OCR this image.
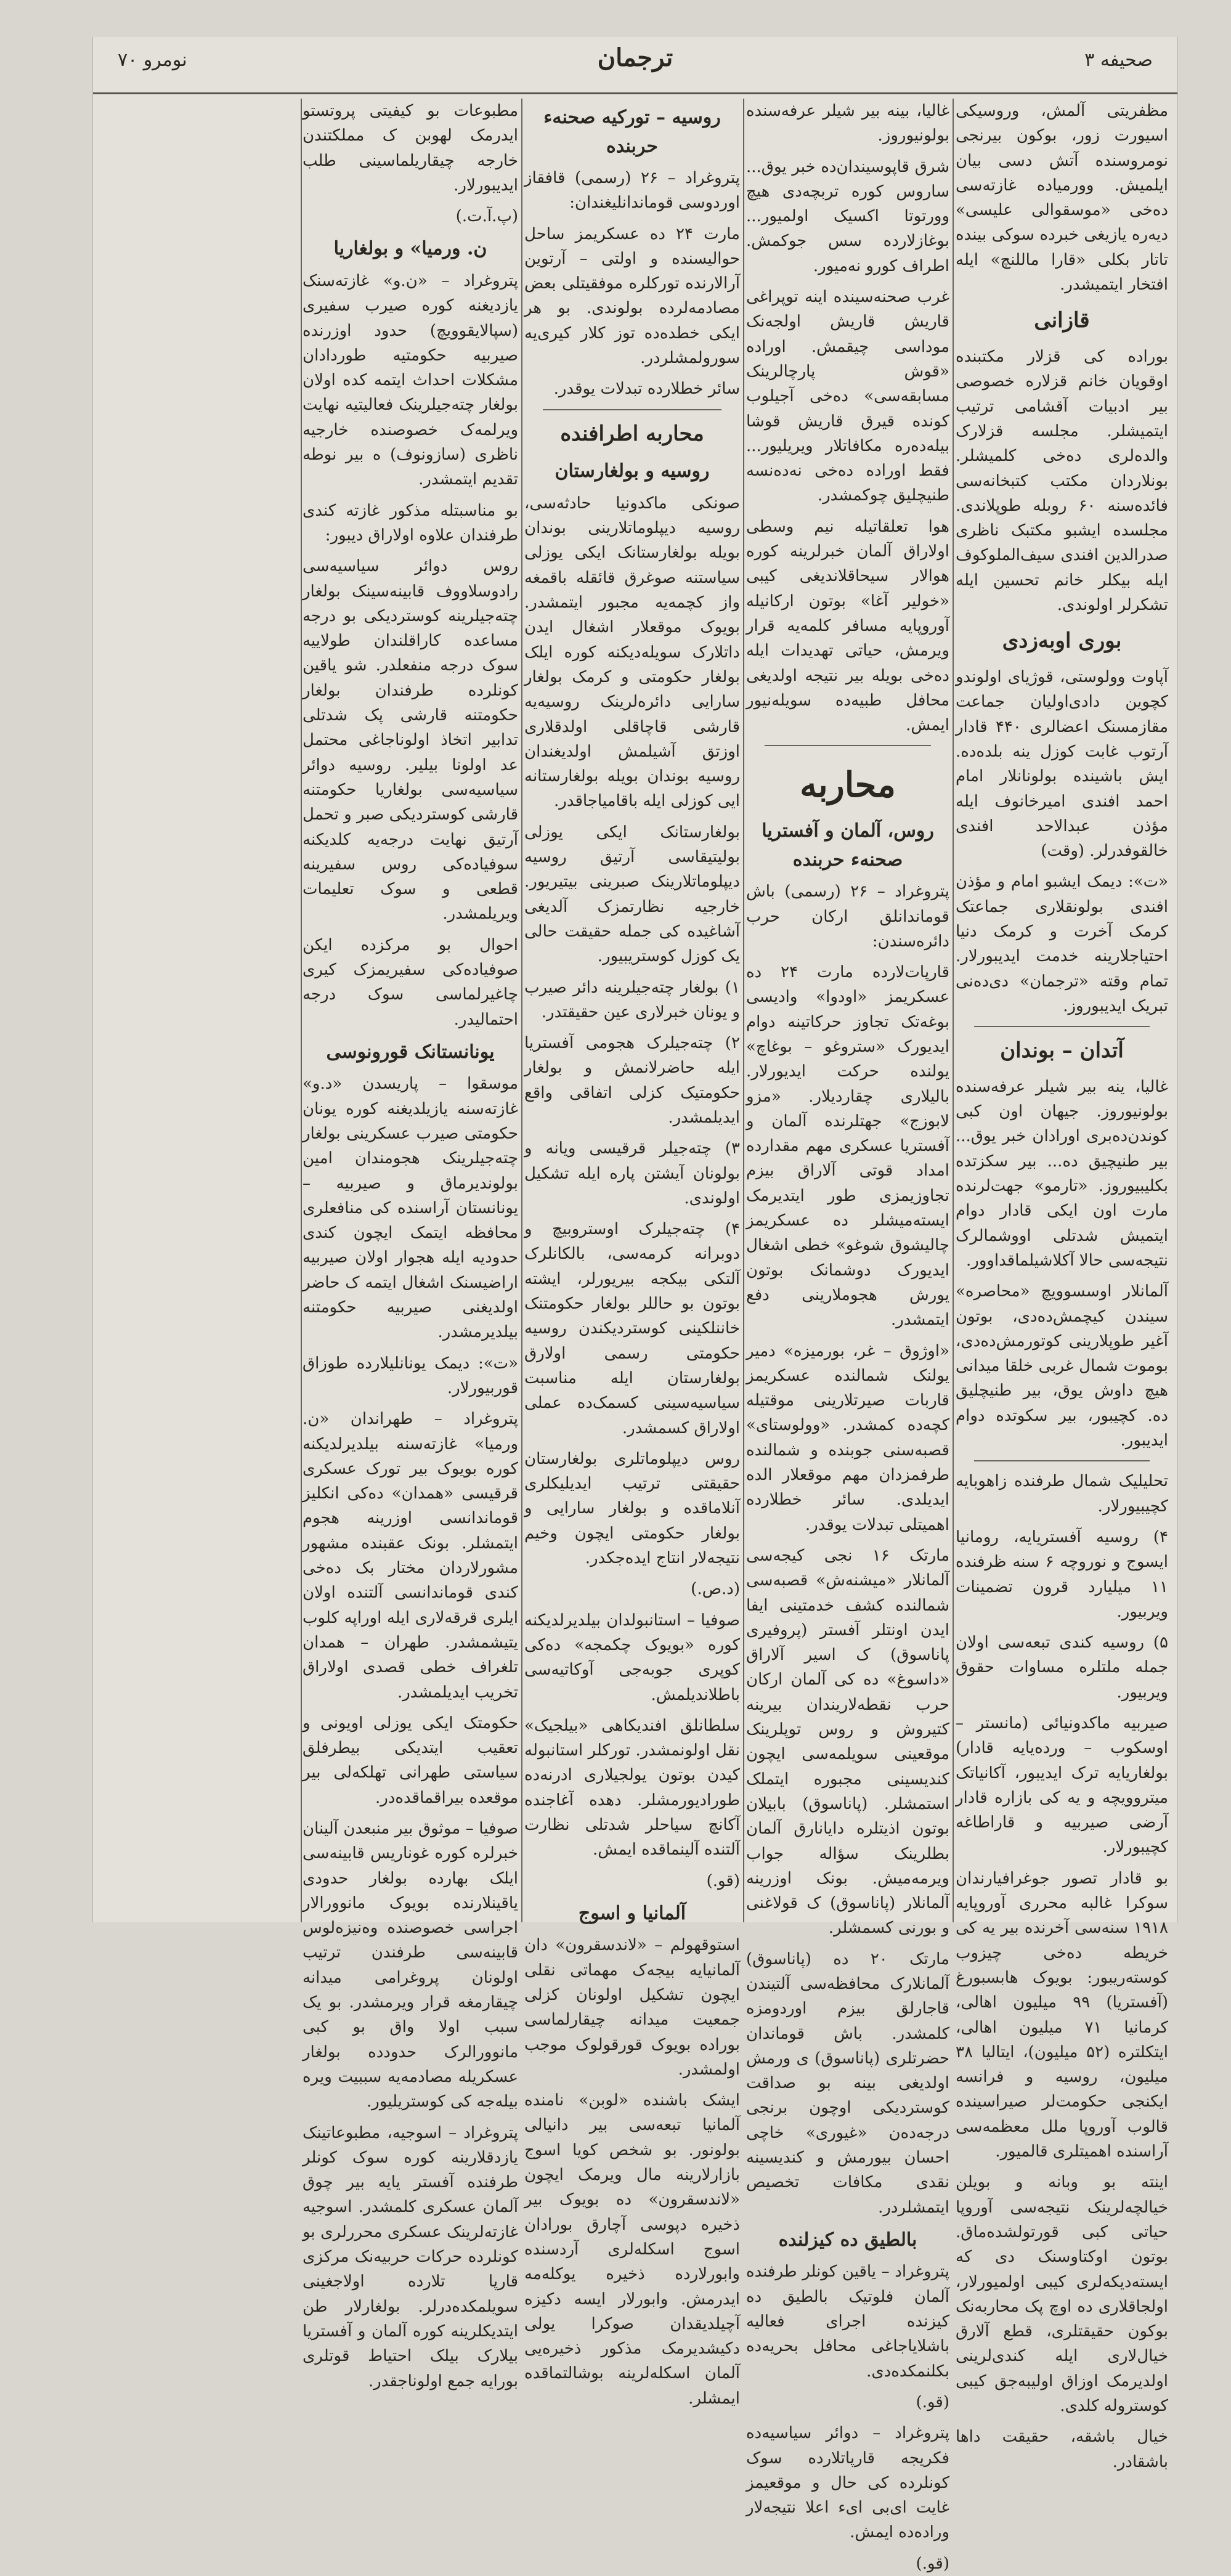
نومرو ۷۰	ترجمان	صحیفه ۳

مظفریتی آلمش، وروسیکی اسیورت زور، بوکون بیرنجی نومروسنده آتش دسی بیان ایلمیش. وورمیاده غازته‌سی ده‌خی «موسقوالی علیسی» دیه‌ره یازیغی خبرده سوکی بینده تاتار بکلی «قارا ماللنچ» ایله افتخار ایتمیشدر.

قازانی

بوراده کی قزلار مکتبنده اوقویان خانم قزلاره خصوصی بیر ادبیات آقشامی ترتیب ایتمیشلر. مجلسه قزلارک والده‌لری ده‌خی کلمیشلر. بونلاردان مکتب کتبخانه‌سی فائده‌سنه ۶۰ روبله طوپلاندی. مجلسده ایشبو مکتبک ناظری صدرالدین افندی سیف‌الملوکوف ایله بیکلر خانم تحسین ایله تشکرلر اولوندی.

بوری اوبه‌زدی

آپاوت وولوستی، قوژیای اولوندو کچوین دادی‌اولیان جماعت مقازمسنک اعضالری ۴۴۰ قادار آرتوب غابت کوزل ینه بلده‌ده. ایش باشینده بولونانلار امام احمد افندی امیرخانوف ایله مؤذن عبدالاحد افندی خالقوفدرلر. (وقت)

«ت»: دیمک ایشبو امام و مؤذن افندی بولونقلاری جماعتک کرمک آخرت و کرمک دنیا احتیاجلارینه خدمت ایدیبورلار. تمام وقته «ترجمان» دی‌ده‌نی تبریک ایدیبوروز.

آتدان – بوندان

غالیا، ینه بیر شیلر عرفه‌سنده بولونیوروز. جیهان اون کبی کوندن‌ده‌بری اورادان خبر یوق... بیر طنیچیق ده... بیر سکزتده بکلیبیوروز. «تارمو» جهت‌لرنده مارت اون ایکی قادار دوام ایتمیش شدتلی اووشمالرک نتیجه‌سی حالا آکلاشیلماقداوور.

آلمانلار اوسسوویچ «محاصره» سیندن کیچمش‌ده‌دی، بوتون آغیر طوپلارینی کوتورمش‌ده‌دی، بوموت شمال غربی خلقا میدانی هیچ داوش یوق، بیر طنیچلیق ده. کچیبور، بیر سکوتده دوام ایدیبور.

تحلیلیک شمال طرفنده زاهوبایه کچیبیورلار.

۴) روسیه آفستریایه، رومانیا ایسوج و نوروچه ۶ سنه ظرفنده ۱۱ میلیارد قرون تضمینات ویربیور.

۵) روسیه کندی تبعه‌سی اولان جمله ملتلره مساوات حقوق ویربیور.

صیربیه ماکدونیائی (مانستر – اوسکوب – ورده‌یایه قادار) بولغاریایه ترک ایدیبور، آکانیاتک میتروویچه و یه کی بازاره قادار آرضی صیربیه و قاراطاغه کچیبورلار.

بو قادار تصور جوغرافیارندان سوکرا غالبه محرری آوروپایه ۱۹۱۸ سنه‌سی آخرنده بیر یه کی خریطه ده‌خی چیزوب کوسته‌ریبور: بویوک هابسبورغ (آفستریا) ۹۹ میلیون اهالی، کرمانیا ۷۱ میلیون اهالی، ایتکلتره (۵۲ میلیون)، ایتالیا ۳۸ میلیون، روسیه و فرانسه ایکنجی حکومت‌لر صیراسینده قالوب آوروپا ملل معظمه‌سی آراسنده اهمیتلری قالمیور.

اینته بو وبانه و بویلن خیالچه‌لرینک نتیجه‌سی آوروپا حیاتی کبی قورتولشده‌ماق. بوتون اوکتاوسنک دی که ایسته‌دیکه‌لری کیبی اولمیورلار، اولجاقلاری ده اوچ پک محاربه‌نک بوکون حقیقتلری، قطع آلارق خیال‌لاری ایله کندی‌لرینی اولدیرمک اوزاق اولیبه‌جق کیبی کوستروله کلدی.

خیال باشقه، حقیقت داها باشقادر.

غالیا، بینه بیر شیلر عرفه‌سنده بولونیوروز.

شرق قاپوسیندان‌ده خبر یوق... ساروس کوره تربچه‌دی هیچ وورتوتا اکسیک اولمیور... بوغازلارده سس جوکمش. اطراف کورو نه‌میور.

غرب صحنه‌سینده اینه توپراغی قاریش قاریش اولجه‌نک موداسی چیقمش. اوراده «قوش پارچالرینک مسابقه‌سی» ده‌خی آجیلوب کونده قیرق قاریش قوشا بیله‌ده‌ره مکافاتلار ویریلیور... فقط اوراده ده‌خی نه‌ده‌نسه طنیچلیق چوکمشدر.

هوا تعلقاتیله نیم وسطی اولاراق آلمان خبرلرینه کوره هوالار سیحاقلاندیغی کیبی «خولیر آغا» بوتون ارکانیله آوروپایه مسافر کلمه‌یه قرار ویرمش، حیاتی تهدیدات ایله ده‌خی بویله بیر نتیجه اولدیغی محافل طبیه‌ده سویله‌نیور ایمش.

محاربه
روس، آلمان و آفستریا صحنه‌ء حربنده

پتروغراد – ۲۶ (رسمی) باش قوماندانلق ارکان حرب دائره‌سندن:

قارپات‌لارده مارت ۲۴ ده عسکریمز «اودوا» وادیسی بوغه‌تک تجاوز حرکاتینه دوام ایدیورک «ستروغو – بوغاچ» یولنده حرکت ایدیورلار. بالیلاری چقاردیلار. «مزو لابوزج» جهتلرنده آلمان و آفستریا عسکری مهم مقدارده امداد قوتی آلاراق بیزم تجاوزیمزی طور ایتدیرمک ایسته‌میشلر ده عسکریمز چالیشوق شوغو» خطی اشغال ایدیورک دوشمانک بوتون یورش هجوملارینی دفع ایتمشدر.

«اوژوق – غر، بورمیزه» دمیر یولنک شمالنده عسکریمز قاربات صیرتلارینی موقتیله کچه‌ده کمشدر. «وولوستای» قصبه‌سنی جوبنده و شمالنده طرفمزدان مهم موقعلار الده ایدیلدی. سائر خطلارده اهمیتلی تبدلات یوقدر.

مارتک ۱۶ نجی کیجه‌سی آلمانلار «میشنه‌ش» قصبه‌سی شمالنده کشف خدمتینی ایفا ایدن اونتلر آفستر (پروفیری پاناسوق) ک اسیر آلاراق «داسوغ» ده کی آلمان ارکان حرب نقطه‌لاریندان بیرینه کتیروش و روس توپلرینک موقعینی سویلمه‌سی ایچون کندیسینی مجبوره ایتملک استمشلر. (پاناسوق) بابیلان بوتون اذیتلره دایانارق آلمان بطلرینک سؤاله جواب ویرمه‌میش. بونک اوزرینه آلمانلار (پاناسوق) ک قولاغنی و بورنی کسمشلر.

مارتک ۲۰ ده (پاناسوق) آلمانلارک محافظه‌سی آلتیندن قاجارلق بیزم اوردومزه کلمشدر. باش قوماندان حضرتلری (پاناسوق) ی ورمش اولدیغی بینه بو صداقت کوستردیکی اوچون برنجی درجه‌ده‌ن «غیوری» خاچی احسان بیورمش و کندیسینه نقدی مکافات تخصیص ایتمشلردر.

بالطیق ده کیزلنده

پتروغراد – یاقین کونلر طرفنده آلمان فلوتیک بالطیق ده کیزنده اجرای فعالیه باشلایاجاغی محافل بحریه‌ده بکلنمکده‌دی.

(قو.)

پتروغراد – دوائر سیاسیه‌ده فکریجه قارپاتلارده سوک کونلرده کی حال و موقعیمز غایت ای‌بی ای‌ء اعلا نتیجه‌لار وراده‌ده ایمش.

(قو.)

روسیه – تورکیه صحنه‌ء حربنده

پتروغراد – ۲۶ (رسمی) قافقاز اوردوسی قوماندانلیغندان:

مارت ۲۴ ده عسکریمز ساحل حوالیسنده و اولتی – آرتوین آرالارنده تورکلره موفقیتلی بعض مصادمه‌لرده بولوندی. بو هر ایکی خطده‌ده توز کلار کیری‌یه سورولمشلردر.

سائر خطلارده تبدلات یوقدر.

محاربه اطرافنده
روسیه و بولغارستان

صونکی ماکدونیا حادثه‌سی، روسیه دیپلوماتلارینی بوندان بویله بولغارستانک ایکی یوزلی سیاستنه صوغرق قائقله باقمغه واز کچمه‌یه مجبور ایتمشدر. بویوک موقعلار اشغال ایدن داتلارک سویله‌دیکنه کوره ایلک بولغار حکومتی و کرمک بولغار سارایی دائره‌لرینک روسیه‌یه قارشی قاچاقلی اولدقلاری اوزتق آشیلمش اولدیغندان روسیه بوندان بویله بولغارستانه ایی کوزلی ایله باقامیاجاقدر.

بولغارستانک ایکی یوزلی بولیتیقاسی آرتیق روسیه دیپلوماتلارینک صبرینی بیتیریور. خارجیه نظارتمزک آلدیغی آشاغیده کی جمله حقیقت حالی یک کوزل کوستریبیور.

۱) بولغار چته‌جیلرینه دائر صیرب و یونان خبرلاری عین حقیقتدر.

۲) چته‌جیلرک هجومی آفستریا ایله حاضرلانمش و بولغار حکومتیک کزلی اتفاقی واقع ایدیلمشدر.

۳) چته‌جیلر قرقیسی ویانه و بولونان آیشتن پاره ایله تشکیل اولوندی.

۴) چته‌جیلرک اوستروبیچ و دوبرانه کرمه‌سی، بالکانلرک آلتکی بیکجه بیریورلر، ایشته بوتون بو حاللر بولغار حکومتنک خاننلکینی کوستردیکندن روسیه حکومتی رسمی اولارق بولغارستان ایله مناسبت سیاسیه‌سینی کسمک‌ده عملی اولاراق کسمشدر.

روس دیپلوماتلری بولغارستان حقیقتی ترتیب ایدیلیکلری آنلاماقده و بولغار سارایی و بولغار حکومتی ایچون وخیم نتیجه‌لار انتاج ایده‌جکدر.

(د.ص.)

صوفیا – استانبولدان بیلدیرلدیکنه کوره «بویوک چکمجه» ده‌کی کوپری جوبه‌جی آوکاتیه‌سی باطلاندیلمش.

سلطانلق افندیکاهی «بیلجیک» نقل اولونمشدر. تورکلر استانبوله کیدن بوتون یولجیلاری ادرنه‌ده طورادیورمشلر. دهده آغاجنده آکانچ سیاحلر شدتلی نظارت آلتنده آلینماقده ایمش.

(قو.)

آلمانیا و اسوج

استوقهولم – «لاندسقرون» دان آلمانیایه بیجه‌ک مهماتی نقلی ایچون تشکیل اولونان کزلی جمعیت میدانه چیقارلماسی بوراده بویوک قورقولوک موجب اولمشدر.

ایشک باشنده «لوبن» نامنده آلمانیا تبعه‌سی بیر دانیالی بولونور. بو شخص کویا اسوج بازارلارینه مال ویرمک ایچون «لاندسقرون» ده بویوک بیر ذخیره دپوسی آچارق بورادان اسوج اسکله‌لری آردسنده وابورلارده ذخیره یوکله‌مه ایدرمش. وابورلار ایسه دکیزه آچیلدیقدان صوکرا یولی دکیشدیرمک مذکور ذخیره‌یی آلمان اسکله‌لرینه بوشالتماقده ایمشلر.

مطبوعات بو کیفیتی پروتستو ایدرمک لهوبن ک مملکتندن خارجه چیقاریلماسینی طلب ایدیبورلار.

(پ.آ.ت.)

ن. ورمیا» و بولغاریا

پتروغراد – «ن.و» غازته‌سنک یازدیغنه کوره صیرب سفیری (سپالایقوویچ) حدود اوزرنده صیربیه حکومتیه طوردادان مشکلات احداث ایتمه کده اولان بولغار چته‌جیلرینک فعالیتیه نهایت ویرلمه‌ک خصوصنده خارجیه ناظری (سازونوف) ه بیر نوطه تقدیم ایتمشدر.

بو مناسبتله مذکور غازته کندی طرفندان علاوه اولاراق دیبور:

روس دوائر سیاسیه‌سی رادوسلاووف قابینه‌سینک بولغار چته‌جیلرینه کوستردیکی بو درجه مساعده کاراقلندان طولاییه سوک درجه منفعلدر. شو یاقین کونلرده طرفندان بولغار حکومتنه قارشی پک شدتلی تدابیر اتخاذ اولوناجاغی محتمل عد اولونا بیلیر. روسیه دوائر سیاسیه‌سی بولغاریا حکومتنه قارشی کوستردیکی صبر و تحمل آرتیق نهایت درجه‌یه کلدیکنه سوفیاده‌کی روس سفیرینه قطعی و سوک تعلیمات ویریلمشدر.

احوال بو مرکزده ایکن صوفیاده‌کی سفیریمزک کیری چاغیرلماسی سوک درجه احتمالیدر.

یونانستانک قورونوسی

موسقوا – پاریسدن «د.و» غازته‌سنه یازیلدیغنه کوره یونان حکومتی صیرب عسکرینی بولغار چته‌جیلرینک هجومندان امین بولوندیرماق و صیربیه – یونانستان آراسنده کی منافعلری محافظه ایتمک ایچون کندی حدودیه ایله هجوار اولان صیربیه اراضیسنک اشغال ایتمه ک حاضر اولدیغنی صیربیه حکومتنه بیلدیرمشدر.

«ت»: دیمک یونانلیلارده طوزاق قوربیورلار.

پتروغراد – طهراندان «ن. ورمیا» غازته‌سنه بیلدیرلدیکنه کوره بویوک بیر تورک عسکری قرقیسی «همدان» ده‌کی انکلیز قوماندانسی اوزرینه هجوم ایتمشلر. بونک عقبنده مشهور مشورلاردان مختار بک ده‌خی کندی قوماندانسی آلتنده اولان ایلری قرقه‌لاری ایله اوراپه کلوب یتیشمشدر. طهران – همدان تلغراف خطی قصدی اولاراق تخریب ایدیلمشدر.

حکومتک ایکی یوزلی اویونی و تعقیب ایتدیکی بیطرفلق سیاستی طهرانی تهلکه‌لی بیر موقعده بیراقماقده‌در.

صوفیا – موثوق بیر منبعدن آلینان خبرلره کوره غوناریس قابینه‌سی ایلک بهارده بولغار حدودی یاقینلارنده بویوک مانوورالار اجراسی خصوصنده وه‌نیزه‌لوس قابینه‌سی طرفندن ترتیب اولونان پروغرامی میدانه چیقارمغه قرار ویرمشدر. بو یک سبب اولا واق بو کبی مانوورالرک حدودده بولغار عسکریله مصادمه‌یه سببیت ویره بیله‌جه کی کوستریلیور.

پتروغراد – اسوجیه، مطبوعاتینک یازدقلارینه کوره سوک کونلر طرفنده آفستر یایه بیر چوق آلمان عسکری کلمشدر. اسوجیه غازته‌لرینک عسکری محررلری بو کونلرده حرکات حربیه‌نک مرکزی قارپا تلارده اولاجغینی سویلمکده‌درلر. بولغارلار طن ایتدیکلرینه کوره آلمان و آفستریا بیلارک بیلک احتیاط قوتلری بورایه جمع اولوناجقدر.
